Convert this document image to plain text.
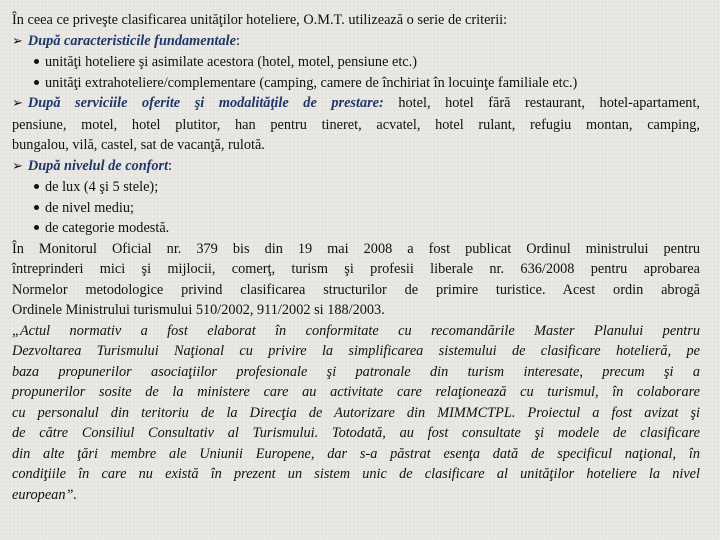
În ceea ce priveşte clasificarea unităţilor hoteliere, O.M.T. utilizează o serie de criterii:
➢ După caracteristicile fundamentale:
unităţi hoteliere şi asimilate acestora (hotel, motel, pensiune etc.)
unităţi extrahoteliere/complementare (camping, camere de închiriat în locuinţe familiale etc.)
➢ După serviciile oferite şi modalităţile de prestare: hotel, hotel fără restaurant, hotel-apartament,
pensiune, motel, hotel plutitor, han pentru tineret, acvatel, hotel rulant, refugiu montan, camping,
bungalou, vilă, castel, sat de vacanţă, rulotă.
➢ După nivelul de confort:
de lux (4 şi 5 stele);
de nivel mediu;
de categorie modestă.
În Monitorul Oficial nr. 379 bis din 19 mai 2008 a fost publicat Ordinul ministrului pentru
întreprinderi mici şi mijlocii, comerţ, turism şi profesii liberale nr. 636/2008 pentru aprobarea
Normelor metodologice privind clasificarea structurilor de primire turistice. Acest ordin abrogă
Ordinele Ministrului turismului 510/2002, 911/2002 si 188/2003.
„Actul normativ a fost elaborat în conformitate cu recomandările Master Planului pentru
Dezvoltarea Turismului Naţional cu privire la simplificarea sistemului de clasificare hotelieră, pe
baza propunerilor asociaţiilor profesionale şi patronale din turism interesate, precum şi a
propunerilor sosite de la ministere care au activitate care relaţionează cu turismul, în colaborare
cu personalul din teritoriu de la Direcţia de Autorizare din MIMMCTPL. Proiectul a fost avizat şi
de către Consiliul Consultativ al Turismului. Totodată, au fost consultate şi modele de clasificare
din alte ţări membre ale Uniunii Europene, dar s-a păstrat esenţa dată de specificul naţional, în
condiţiile în care nu există în prezent un sistem unic de clasificare al unităţilor hoteliere la nivel
european”.
